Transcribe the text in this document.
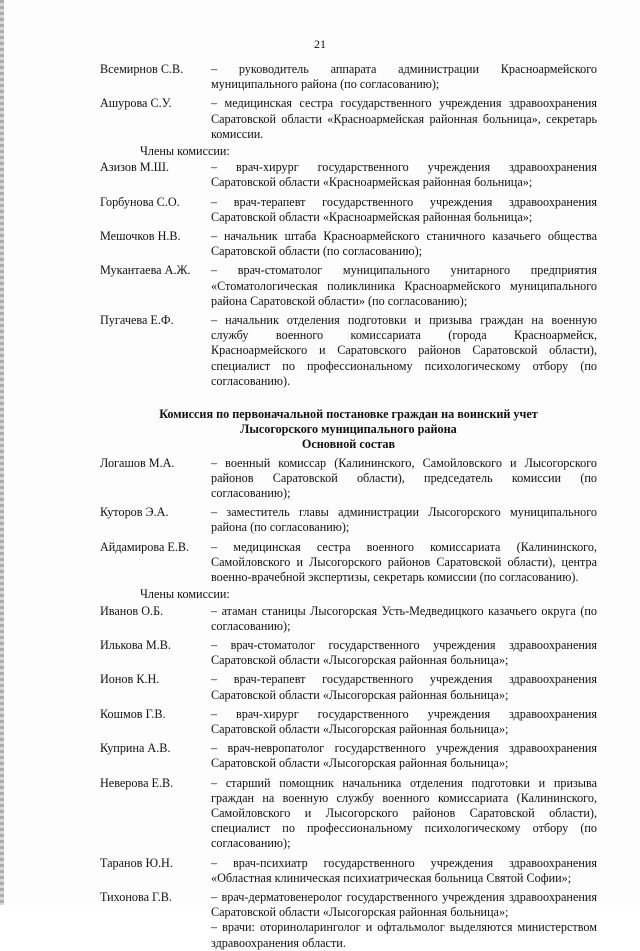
21
Всемирнов С.В.	– руководитель аппарата администрации Красноармейского муниципального района (по согласованию);
Ашурова С.У.	– медицинская сестра государственного учреждения здравоохранения Саратовской области «Красноармейская районная больница», секретарь комиссии.
Члены комиссии:
Азизов М.Ш.	– врач-хирург государственного учреждения здравоохранения Саратовской области «Красноармейская районная больница»;
Горбунова С.О.	– врач-терапевт государственного учреждения здравоохранения Саратовской области «Красноармейская районная больница»;
Мешочков Н.В.	– начальник штаба Красноармейского станичного казачьего общества Саратовской области (по согласованию);
Мукантаева А.Ж.	– врач-стоматолог муниципального унитарного предприятия «Стоматологическая поликлиника Красноармейского муниципального района Саратовской области» (по согласованию);
Пугачева Е.Ф.	– начальник отделения подготовки и призыва граждан на военную службу военного комиссариата (города Красноармейск, Красноармейского и Саратовского районов Саратовской области), специалист по профессиональному психологическому отбору (по согласованию).
Комиссия по первоначальной постановке граждан на воинский учет
Лысогорского муниципального района
Основной состав
Логашов М.А.	– военный комиссар (Калининского, Самойловского и Лысогорского районов Саратовской области), председатель комиссии (по согласованию);
Куторов Э.А.	– заместитель главы администрации Лысогорского муниципального района (по согласованию);
Айдамирова Е.В.	– медицинская сестра военного комиссариата (Калининского, Самойловского и Лысогорского районов Саратовской области), центра военно-врачебной экспертизы, секретарь комиссии (по согласованию).
Члены комиссии:
Иванов О.Б.	– атаман станицы Лысогорская Усть-Медведицкого казачьего округа (по согласованию);
Илькова М.В.	– врач-стоматолог государственного учреждения здравоохранения Саратовской области «Лысогорская районная больница»;
Ионов К.Н.	– врач-терапевт государственного учреждения здравоохранения Саратовской области «Лысогорская районная больница»;
Кошмов Г.В.	– врач-хирург государственного учреждения здравоохранения Саратовской области «Лысогорская районная больница»;
Куприна А.В.	– врач-невропатолог государственного учреждения здравоохранения Саратовской области «Лысогорская районная больница»;
Неверова Е.В.	– старший помощник начальника отделения подготовки и призыва граждан на военную службу военного комиссариата (Калининского, Самойловского и Лысогорского районов Саратовской области), специалист по профессиональному психологическому отбору (по согласованию);
Таранов Ю.Н.	– врач-психиатр государственного учреждения здравоохранения «Областная клиническая психиатрическая больница Святой Софии»;
Тихонова Г.В.	– врач-дерматовенеролог государственного учреждения здравоохранения Саратовской области «Лысогорская районная больница»;
– врачи: оториноларинголог и офтальмолог выделяются министерством здравоохранения области.
